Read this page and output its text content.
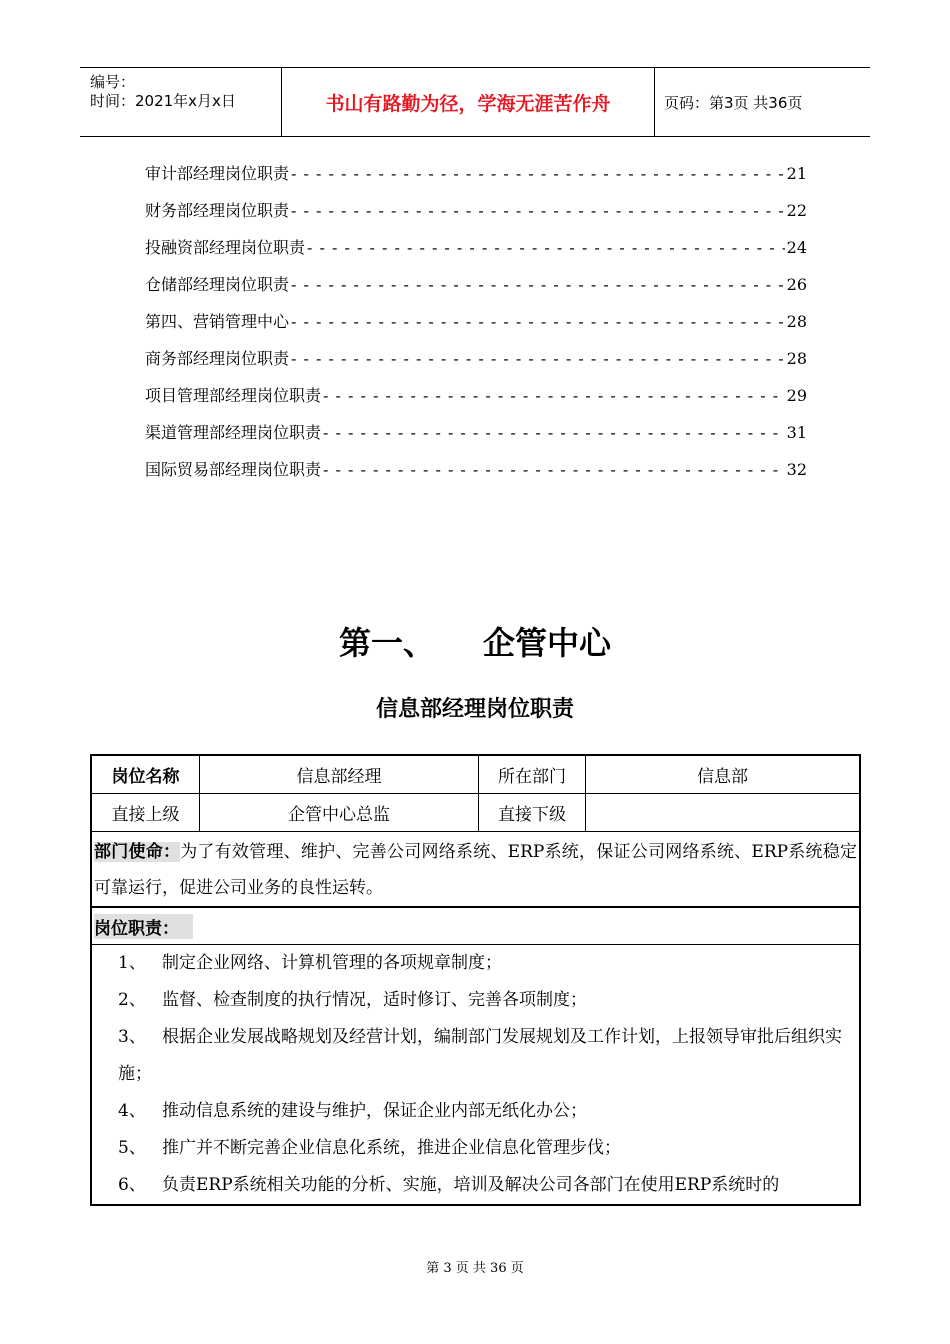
编号：
时间：2021年x月x日	书山有路勤为径，学海无涯苦作舟	页码：第3页 共36页
审计部经理岗位职责 - - -	21
财务部经理岗位职责 - - -	22
投融资部经理岗位职责 - - -	24
仓储部经理岗位职责 - - -	26
第四、营销管理中心 - - -	28
商务部经理岗位职责 - - -	28
项目管理部经理岗位职责 - - -	29
渠道管理部经理岗位职责 - - -	31
国际贸易部经理岗位职责 - - -	32
第一、 企管中心
信息部经理岗位职责
岗位名称	信息部经理	所在部门	信息部
直接上级	企管中心总监	直接下级

部门使命：为了有效管理、维护、完善公司网络系统、ERP系统，保证公司网络系统、ERP系统稳定可靠运行，促进公司业务的良性运转。

岗位职责：
1、 制定企业网络、计算机管理的各项规章制度；
2、 监督、检查制度的执行情况，适时修订、完善各项制度；
3、 根据企业发展战略规划及经营计划，编制部门发展规划及工作计划，上报领导审批后组织实施；
4、 推动信息系统的建设与维护，保证企业内部无纸化办公；
5、 推广并不断完善企业信息化系统，推进企业信息化管理步伐；
6、 负责ERP系统相关功能的分析、实施，培训及解决公司各部门在使用ERP系统时的
第 3 页 共 36 页
